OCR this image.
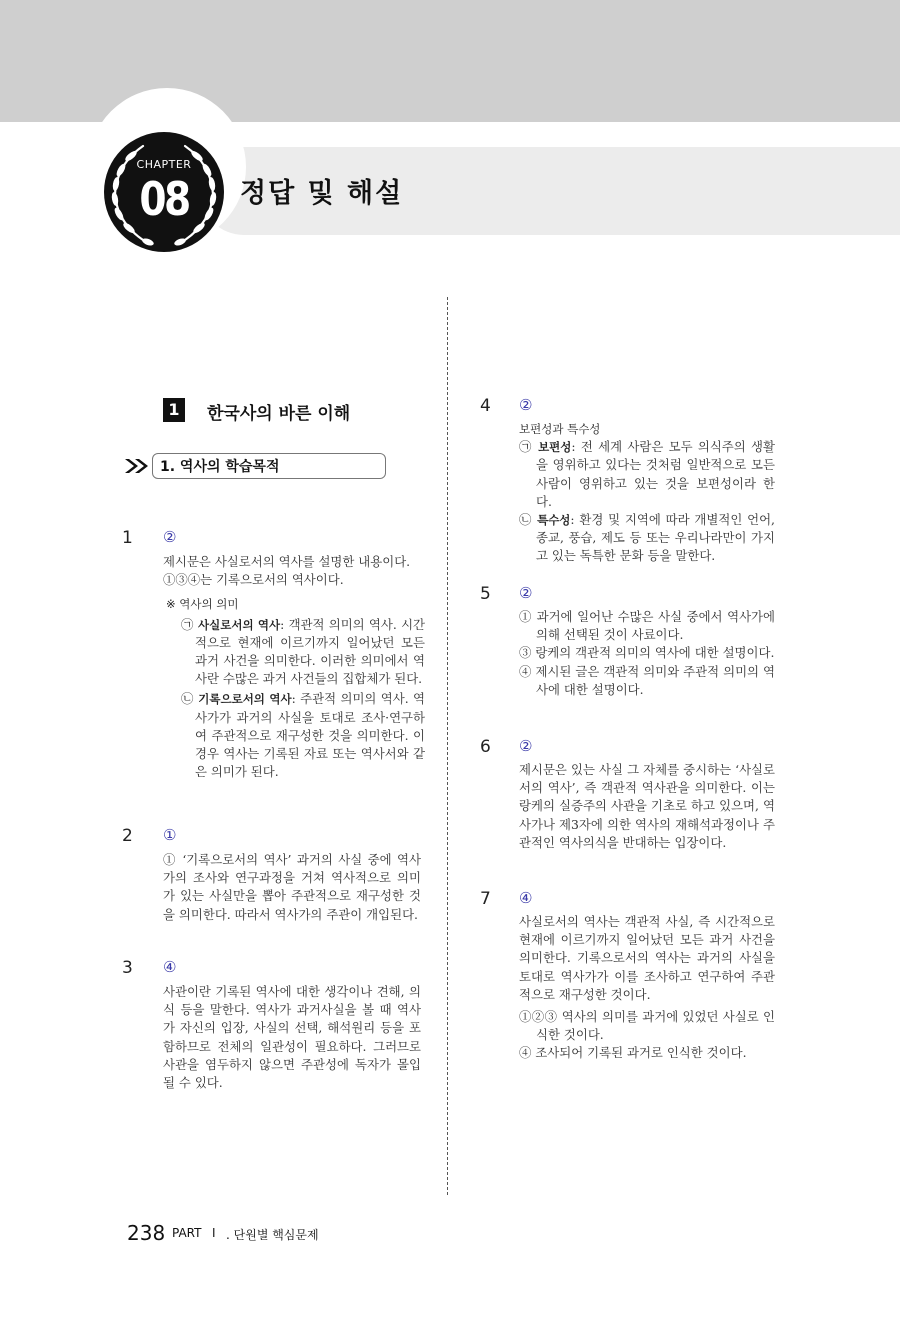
CHAPTER
08 정답 및 해설
1	한국사의 바른 이해
1. 역사의 학습목적
1 ②

제시문은 사실로서의 역사를 설명한 내용이다.

①③④는 기록으로서의 역사이다.

※ 역사의 의미

㉠ 사실로서의 역사: 객관적 의미의 역사. 시간적으로 현재에 이르기까지 일어났던 모든 과거 사건을 의미한다. 이러한 의미에서 역사란 수많은 과거 사건들의 집합체가 된다.

㉡ 기록으로서의 역사: 주관적 의미의 역사. 역사가가 과거의 사실을 토대로 조사·연구하여 주관적으로 재구성한 것을 의미한다. 이 경우 역사는 기록된 자료 또는 역사서와 같은 의미가 된다.

2 ①

① ‘기록으로서의 역사’ 과거의 사실 중에 역사가의 조사와 연구과정을 거쳐 역사적으로 의미가 있는 사실만을 뽑아 주관적으로 재구성한 것을 의미한다. 따라서 역사가의 주관이 개입된다.

3 ④

사관이란 기록된 역사에 대한 생각이나 견해, 의식 등을 말한다. 역사가 과거사실을 볼 때 역사가 자신의 입장, 사실의 선택, 해석원리 등을 포함하므로 전체의 일관성이 필요하다. 그러므로 사관을 염두하지 않으면 주관성에 독자가 몰입될 수 있다.

4 ②

보편성과 특수성

㉠ 보편성: 전 세계 사람은 모두 의식주의 생활을 영위하고 있다는 것처럼 일반적으로 모든 사람이 영위하고 있는 것을 보편성이라 한다.

㉡ 특수성: 환경 및 지역에 따라 개별적인 언어, 종교, 풍습, 제도 등 또는 우리나라만이 가지고 있는 독특한 문화 등을 말한다.

5 ②

① 과거에 일어난 수많은 사실 중에서 역사가에 의해 선택된 것이 사료이다.

③ 랑케의 객관적 의미의 역사에 대한 설명이다.

④ 제시된 글은 객관적 의미와 주관적 의미의 역사에 대한 설명이다.

6 ②

제시문은 있는 사실 그 자체를 중시하는 ‘사실로서의 역사’, 즉 객관적 역사관을 의미한다. 이는 랑케의 실증주의 사관을 기초로 하고 있으며, 역사가나 제3자에 의한 역사의 재해석과정이나 주관적인 역사의식을 반대하는 입장이다.

7 ④

사실로서의 역사는 객관적 사실, 즉 시간적으로 현재에 이르기까지 일어났던 모든 과거 사건을 의미한다. 기록으로서의 역사는 과거의 사실을 토대로 역사가가 이를 조사하고 연구하여 주관적으로 재구성한 것이다.

①②③ 역사의 의미를 과거에 있었던 사실로 인식한 것이다.

④ 조사되어 기록된 과거로 인식한 것이다.

238 PART Ⅰ . 단원별 핵심문제
